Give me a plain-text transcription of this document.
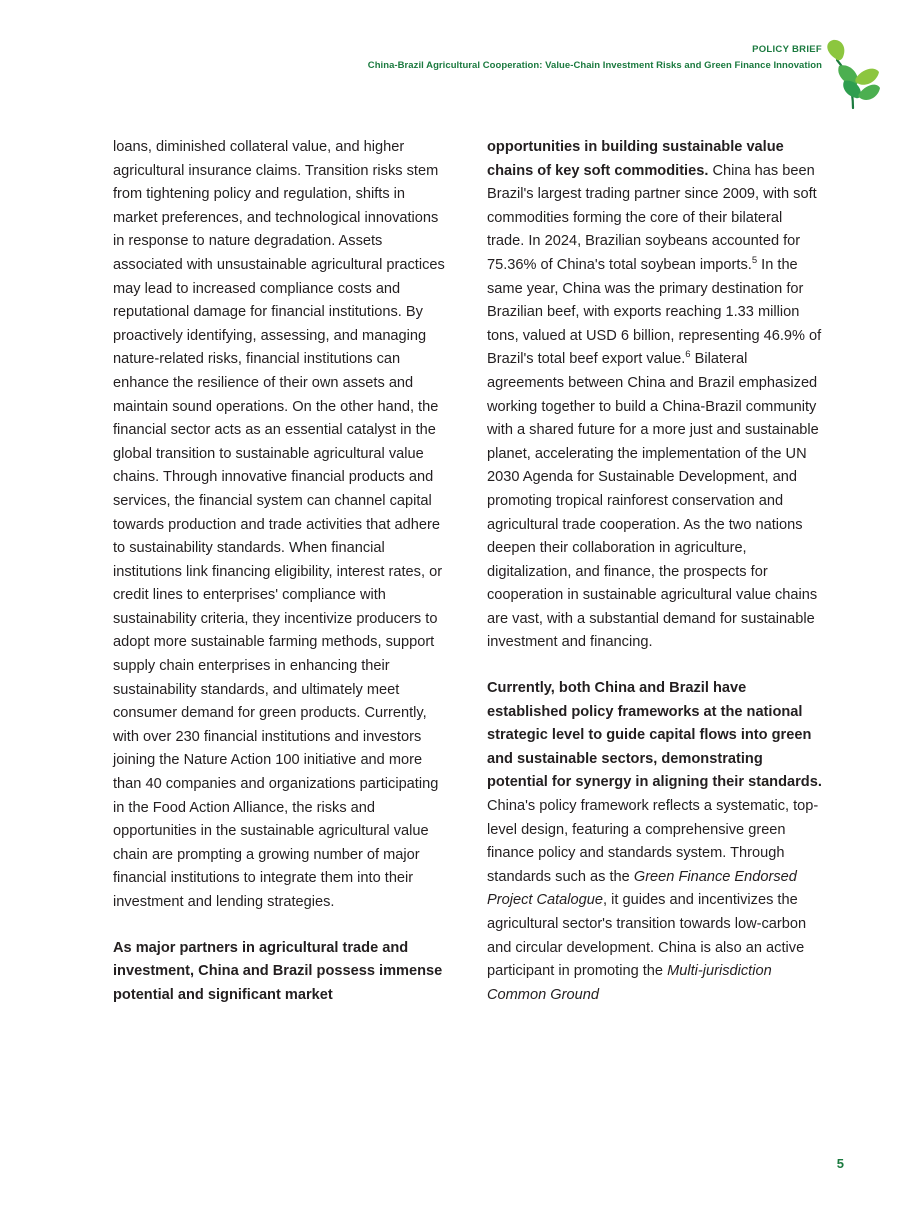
POLICY BRIEF
China-Brazil Agricultural Cooperation: Value-Chain Investment Risks and Green Finance Innovation

loans, diminished collateral value, and higher agricultural insurance claims. Transition risks stem from tightening policy and regulation, shifts in market preferences, and technological innovations in response to nature degradation. Assets associated with unsustainable agricultural practices may lead to increased compliance costs and reputational damage for financial institutions. By proactively identifying, assessing, and managing nature-related risks, financial institutions can enhance the resilience of their own assets and maintain sound operations. On the other hand, the financial sector acts as an essential catalyst in the global transition to sustainable agricultural value chains. Through innovative financial products and services, the financial system can channel capital towards production and trade activities that adhere to sustainability standards. When financial institutions link financing eligibility, interest rates, or credit lines to enterprises' compliance with sustainability criteria, they incentivize producers to adopt more sustainable farming methods, support supply chain enterprises in enhancing their sustainability standards, and ultimately meet consumer demand for green products. Currently, with over 230 financial institutions and investors joining the Nature Action 100 initiative and more than 40 companies and organizations participating in the Food Action Alliance, the risks and opportunities in the sustainable agricultural value chain are prompting a growing number of major financial institutions to integrate them into their investment and lending strategies.

As major partners in agricultural trade and investment, China and Brazil possess immense potential and significant market

opportunities in building sustainable value chains of key soft commodities. China has been Brazil's largest trading partner since 2009, with soft commodities forming the core of their bilateral trade. In 2024, Brazilian soybeans accounted for 75.36% of China's total soybean imports.$^5$ In the same year, China was the primary destination for Brazilian beef, with exports reaching 1.33 million tons, valued at USD 6 billion, representing 46.9% of Brazil's total beef export value.$^6$ Bilateral agreements between China and Brazil emphasized working together to build a China-Brazil community with a shared future for a more just and sustainable planet, accelerating the implementation of the UN 2030 Agenda for Sustainable Development, and promoting tropical rainforest conservation and agricultural trade cooperation. As the two nations deepen their collaboration in agriculture, digitalization, and finance, the prospects for cooperation in sustainable agricultural value chains are vast, with a substantial demand for sustainable investment and financing.

Currently, both China and Brazil have established policy frameworks at the national strategic level to guide capital flows into green and sustainable sectors, demonstrating potential for synergy in aligning their standards. China's policy framework reflects a systematic, top-level design, featuring a comprehensive green finance policy and standards system. Through standards such as the Green Finance Endorsed Project Catalogue, it guides and incentivizes the agricultural sector's transition towards low-carbon and circular development. China is also an active participant in promoting the Multi-jurisdiction Common Ground

5
